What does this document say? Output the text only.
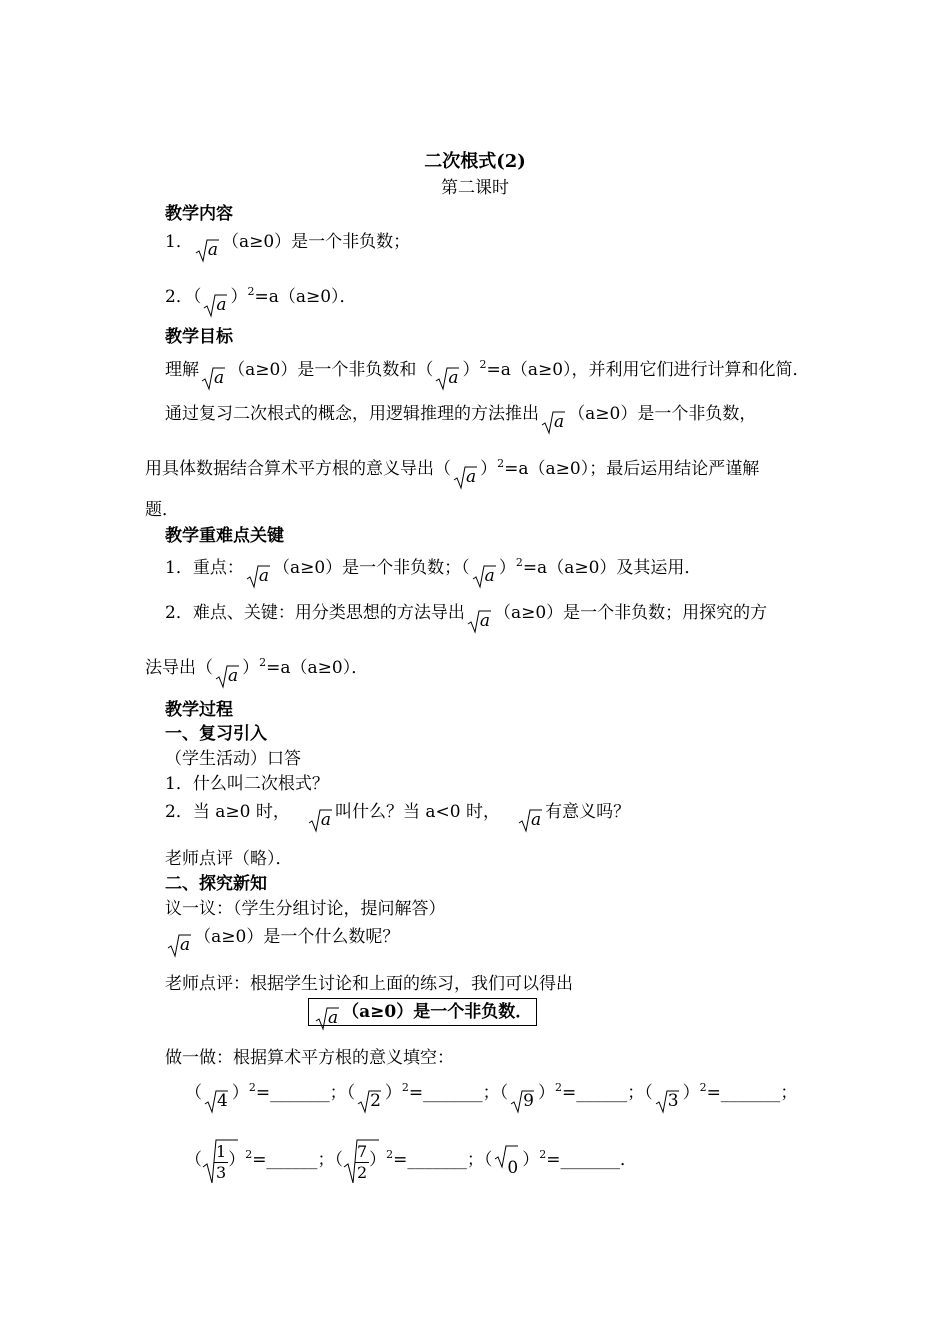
二次根式(2)
第二课时
教学内容
1． a （a≥0）是一个非负数；
2．（ a ）$^2$=a（a≥0）．
教学目标
理解 a （a≥0）是一个非负数和（ a ）$^2$=a（a≥0），并利用它们进行计算和化简．
通过复习二次根式的概念，用逻辑推理的方法推出 a （a≥0）是一个非负数，
用具体数据结合算术平方根的意义导出（ a ）$^2$=a（a≥0）；最后运用结论严谨解
题．
教学重难点关键
1．重点： a （a≥0）是一个非负数；（ a ）$^2$=a（a≥0）及其运用．
2．难点、关键：用分类思想的方法导出 a （a≥0）是一个非负数；用探究的方
法导出（ a ）$^2$=a（a≥0）．
教学过程
一、复习引入
（学生活动）口答
1．什么叫二次根式？
2．当 a≥0 时， a 叫什么？当 a<0 时， a 有意义吗？
老师点评（略）．
二、探究新知
议一议：（学生分组讨论，提问解答）
a （a≥0）是一个什么数呢？
老师点评：根据学生讨论和上面的练习，我们可以得出
a （a≥0）是一个非负数．
做一做：根据算术平方根的意义填空：
（ 4 ）$^2$=_______；（ 2 ）$^2$=_______；（ 9 ）$^2$=______；（ 3 ）$^2$=_______；
（ $\frac{1}{3}$ ）$^2$=______；（ $\frac{7}{2}$ ）$^2$=_______；（ 0 ）$^2$=_______．
